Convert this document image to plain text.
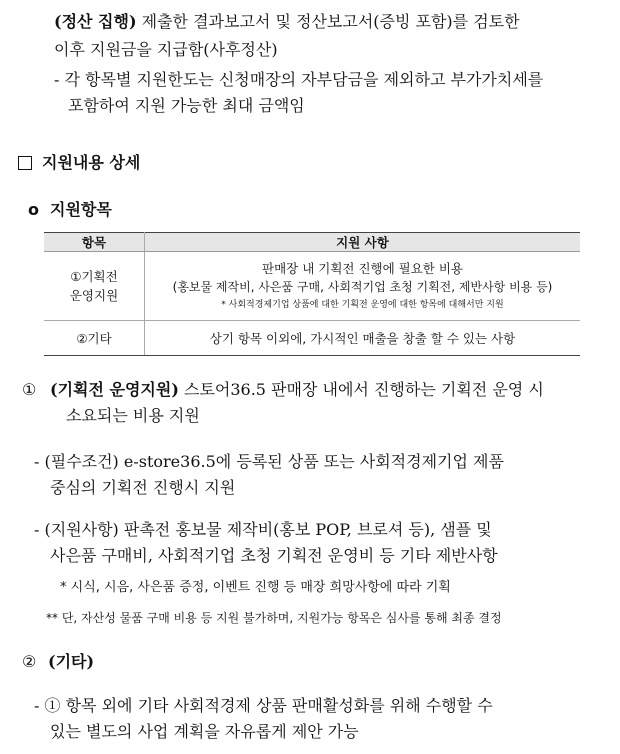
(정산 집행) 제출한 결과보고서 및 정산보고서(증빙 포함)를 검토한
이후 지원금을 지급함(사후정산)
- 각 항목별 지원한도는 신청매장의 자부담금을 제외하고 부가가치세를
포함하여 지원 가능한 최대 금액임
지원내용 상세
o 지원항목
항목	지원 사항

①기획전
운영지원	판매장 내 기획전 진행에 필요한 비용
(홍보물 제작비, 사은품 구매, 사회적기업 초청 기획전, 제반사항 비용 등)
* 사회적경제기업 상품에 대한 기획전 운영에 대한 항목에 대해서만 지원

②기타	상기 항목 이외에, 가시적인 매출을 창출 할 수 있는 사항
① (기획전 운영지원) 스토어36.5 판매장 내에서 진행하는 기획전 운영 시
소요되는 비용 지원
- (필수조건) e-store36.5에 등록된 상품 또는 사회적경제기업 제품
중심의 기획전 진행시 지원
- (지원사항) 판촉전 홍보물 제작비(홍보 POP, 브로셔 등), 샘플 및
사은품 구매비, 사회적기업 초청 기획전 운영비 등 기타 제반사항
* 시식, 시음, 사은품 증정, 이벤트 진행 등 매장 희망사항에 따라 기획
** 단, 자산성 물품 구매 비용 등 지원 불가하며, 지원가능 항목은 심사를 통해 최종 결정
② (기타)
- ① 항목 외에 기타 사회적경제 상품 판매활성화를 위해 수행할 수
있는 별도의 사업 계획을 자유롭게 제안 가능
